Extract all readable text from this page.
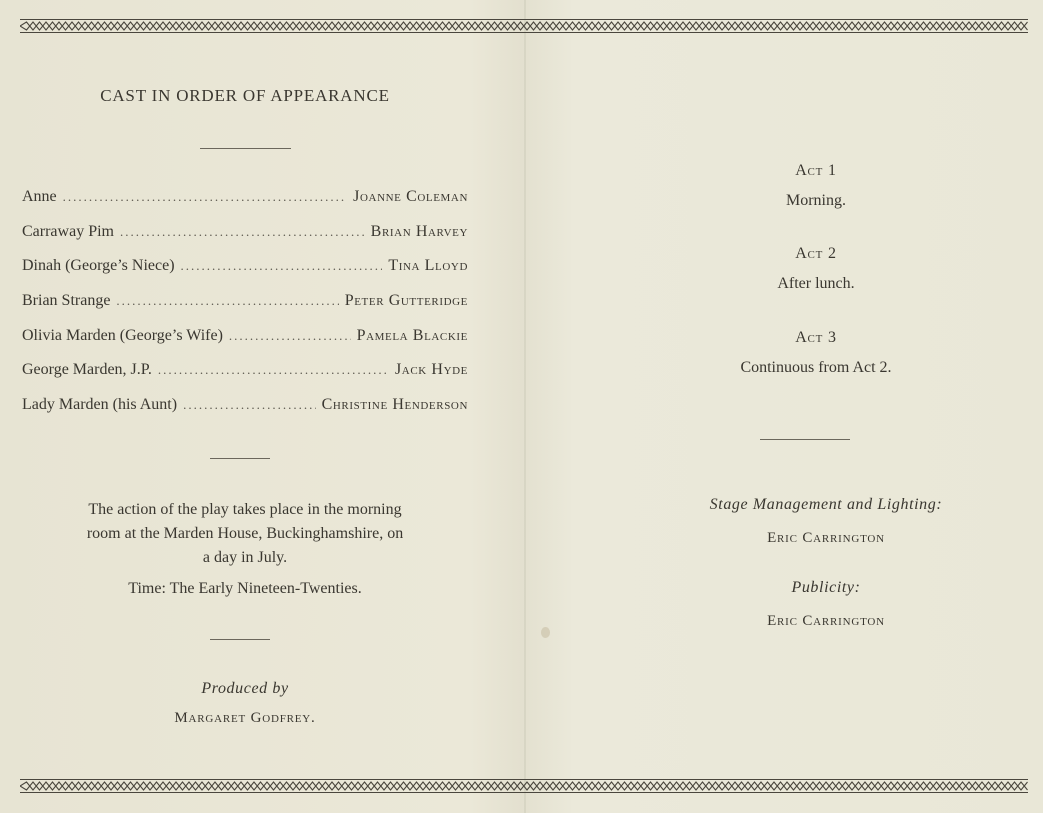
CAST IN ORDER OF APPEARANCE
Anne .....	Joanne Coleman
Carraway Pim .....	Brian Harvey
Dinah (George’s Niece) .....	Tina Lloyd
Brian Strange .....	Peter Gutteridge
Olivia Marden (George’s Wife) .....	Pamela Blackie
George Marden, J.P. .....	Jack Hyde
Lady Marden (his Aunt) .....	Christine Henderson

The action of the play takes place in the morning
room at the Marden House, Buckinghamshire, on
a day in July.

Time: The Early Nineteen-Twenties.

Produced by
Margaret Godfrey.
Act 1
Morning.
Act 2
After lunch.
Act 3
Continuous from Act 2.
Stage Management and Lighting:
Eric Carrington
Publicity:
Eric Carrington
